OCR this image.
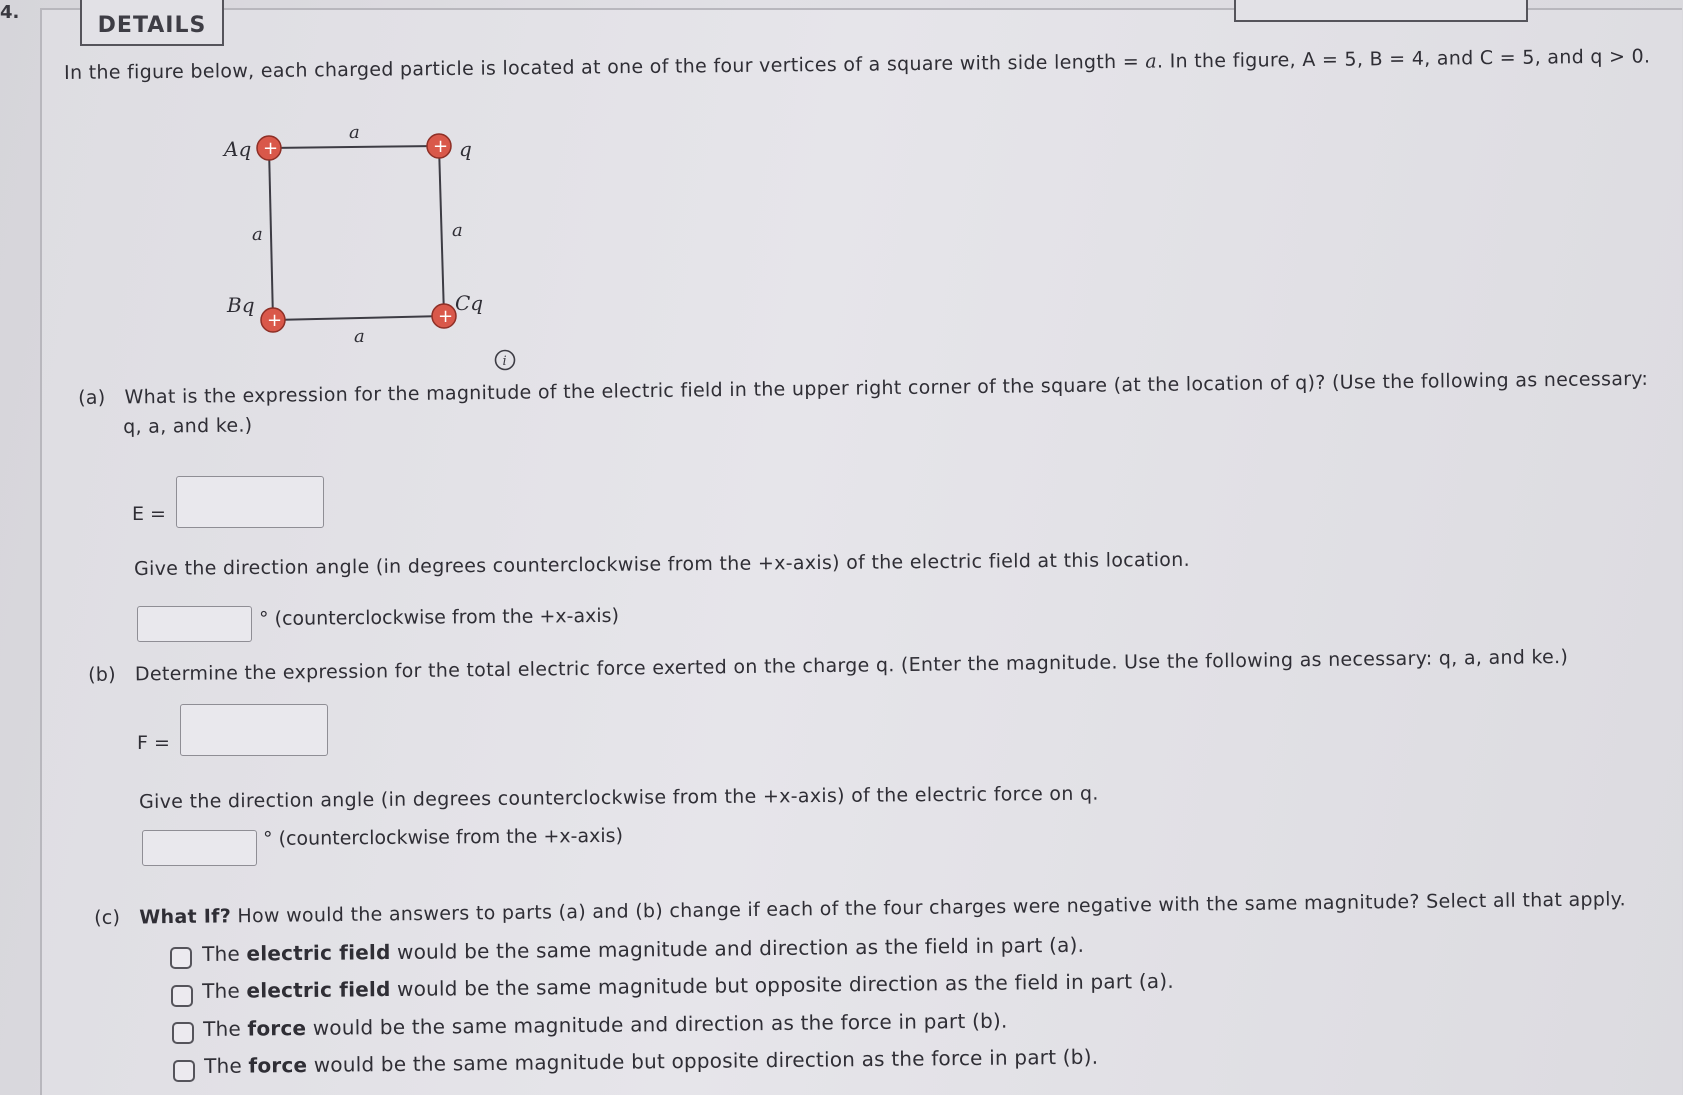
4.
DETAILS
In the figure below, each charged particle is located at one of the four vertices of a square with side length = a. In the figure, A = 5, B = 4, and C = 5, and q > 0.
+	+
+	+
Aq	q
Bq	Cq
a
a	a
a
i
(a) What is the expression for the magnitude of the electric field in the upper right corner of the square (at the location of q)? (Use the following as necessary:
q, a, and ke.)
E =
Give the direction angle (in degrees counterclockwise from the +x-axis) of the electric field at this location.
° (counterclockwise from the +x-axis)
(b) Determine the expression for the total electric force exerted on the charge q. (Enter the magnitude. Use the following as necessary: q, a, and ke.)
F =
Give the direction angle (in degrees counterclockwise from the +x-axis) of the electric force on q.
° (counterclockwise from the +x-axis)
(c) What If? How would the answers to parts (a) and (b) change if each of the four charges were negative with the same magnitude? Select all that apply.
The electric field would be the same magnitude and direction as the field in part (a).
The electric field would be the same magnitude but opposite direction as the field in part (a).
The force would be the same magnitude and direction as the force in part (b).
The force would be the same magnitude but opposite direction as the force in part (b).
